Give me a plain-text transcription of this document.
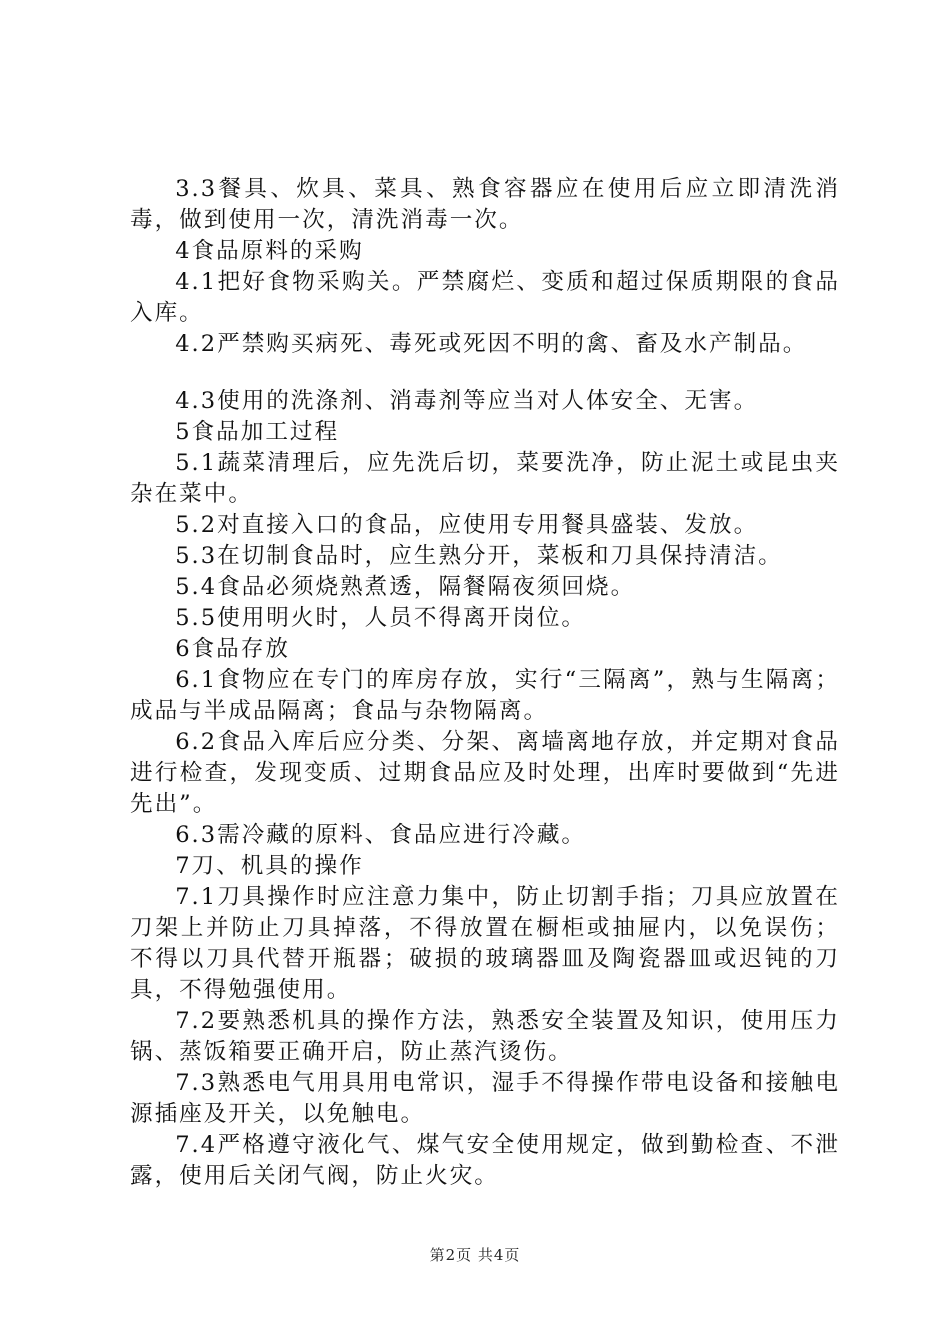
3.3餐具、炊具、菜具、熟食容器应在使用后应立即清洗消毒，做到使用一次，清洗消毒一次。

4食品原料的采购

4.1把好食物采购关。严禁腐烂、变质和超过保质期限的食品入库。

4.2严禁购买病死、毒死或死因不明的禽、畜及水产制品。

4.3使用的洗涤剂、消毒剂等应当对人体安全、无害。

5食品加工过程

5.1蔬菜清理后，应先洗后切，菜要洗净，防止泥土或昆虫夹杂在菜中。

5.2对直接入口的食品，应使用专用餐具盛装、发放。

5.3在切制食品时，应生熟分开，菜板和刀具保持清洁。

5.4食品必须烧熟煮透，隔餐隔夜须回烧。

5.5使用明火时，人员不得离开岗位。

6食品存放

6.1食物应在专门的库房存放，实行“三隔离”，熟与生隔离；成品与半成品隔离；食品与杂物隔离。

6.2食品入库后应分类、分架、离墙离地存放，并定期对食品进行检查，发现变质、过期食品应及时处理，出库时要做到“先进先出”。

6.3需冷藏的原料、食品应进行冷藏。

7刀、机具的操作

7.1刀具操作时应注意力集中，防止切割手指；刀具应放置在刀架上并防止刀具掉落，不得放置在橱柜或抽屉内，以免误伤；不得以刀具代替开瓶器；破损的玻璃器皿及陶瓷器皿或迟钝的刀具，不得勉强使用。

7.2要熟悉机具的操作方法，熟悉安全装置及知识，使用压力锅、蒸饭箱要正确开启，防止蒸汽烫伤。

7.3熟悉电气用具用电常识，湿手不得操作带电设备和接触电源插座及开关，以免触电。

7.4严格遵守液化气、煤气安全使用规定，做到勤检查、不泄露，使用后关闭气阀，防止火灾。

第2页 共4页
